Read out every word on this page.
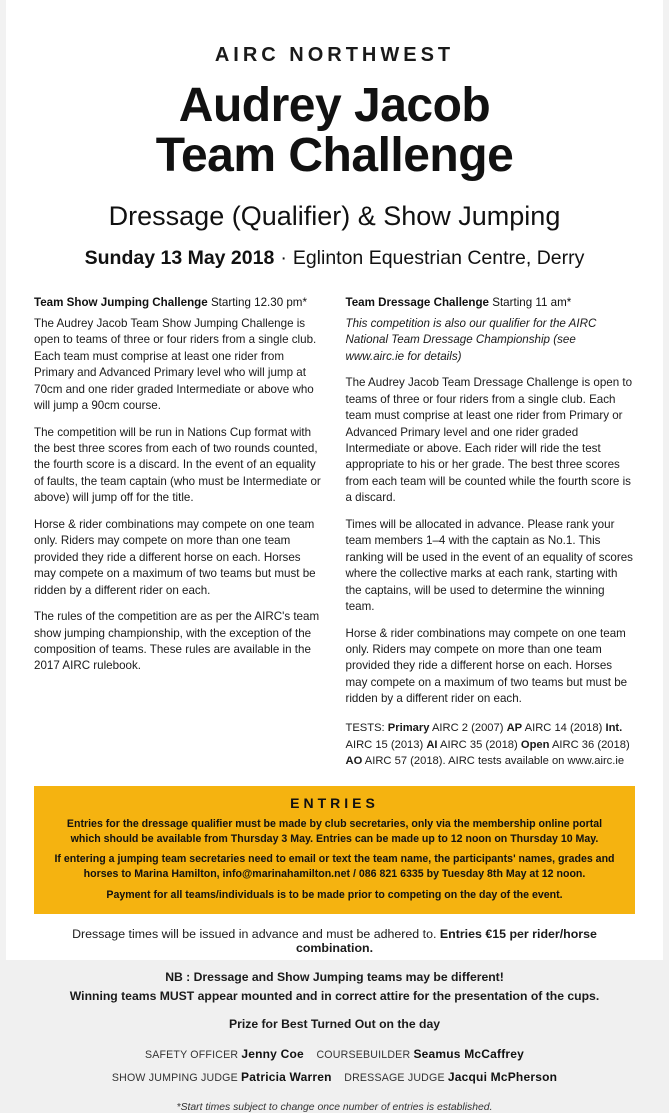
AIRC NORTHWEST
Audrey Jacob
Team Challenge
Dressage (Qualifier) & Show Jumping
Sunday 13 May 2018 · Eglinton Equestrian Centre, Derry
Team Show Jumping Challenge Starting 12.30 pm*

The Audrey Jacob Team Show Jumping Challenge is open to teams of three or four riders from a single club. Each team must comprise at least one rider from Primary and Advanced Primary level who will jump at 70cm and one rider graded Intermediate or above who will jump a 90cm course.

The competition will be run in Nations Cup format with the best three scores from each of two rounds counted, the fourth score is a discard. In the event of an equality of faults, the team captain (who must be Intermediate or above) will jump off for the title.

Horse & rider combinations may compete on one team only. Riders may compete on more than one team provided they ride a different horse on each. Horses may compete on a maximum of two teams but must be ridden by a different rider on each.

The rules of the competition are as per the AIRC's team show jumping championship, with the exception of the composition of teams. These rules are available in the 2017 AIRC rulebook.

Team Dressage Challenge Starting 11 am*

This competition is also our qualifier for the AIRC National Team Dressage Championship (see www.airc.ie for details)

The Audrey Jacob Team Dressage Challenge is open to teams of three or four riders from a single club. Each team must comprise at least one rider from Primary or Advanced Primary level and one rider graded Intermediate or above. Each rider will ride the test appropriate to his or her grade. The best three scores from each team will be counted while the fourth score is a discard.

Times will be allocated in advance. Please rank your team members 1–4 with the captain as No.1. This ranking will be used in the event of an equality of scores where the collective marks at each rank, starting with the captains, will be used to determine the winning team.

Horse & rider combinations may compete on one team only. Riders may compete on more than one team provided they ride a different horse on each. Horses may compete on a maximum of two teams but must be ridden by a different rider on each.

TESTS: Primary AIRC 2 (2007) AP AIRC 14 (2018) Int. AIRC 15 (2013) AI AIRC 35 (2018) Open AIRC 36 (2018) AO AIRC 57 (2018). AIRC tests available on www.airc.ie
ENTRIES

Entries for the dressage qualifier must be made by club secretaries, only via the membership online portal which should be available from Thursday 3 May. Entries can be made up to 12 noon on Thursday 10 May.

If entering a jumping team secretaries need to email or text the team name, the participants' names, grades and horses to Marina Hamilton, info@marinahamilton.net / 086 821 6335 by Tuesday 8th May at 12 noon.

Payment for all teams/individuals is to be made prior to competing on the day of the event.

Dressage times will be issued in advance and must be adhered to. Entries €15 per rider/horse combination.
NB : Dressage and Show Jumping teams may be different!
Winning teams MUST appear mounted and in correct attire for the presentation of the cups.
Prize for Best Turned Out on the day
SAFETY OFFICER Jenny Coe COURSEBUILDER Seamus McCaffrey
SHOW JUMPING JUDGE Patricia Warren DRESSAGE JUDGE Jacqui McPherson
*Start times subject to change once number of entries is established.
